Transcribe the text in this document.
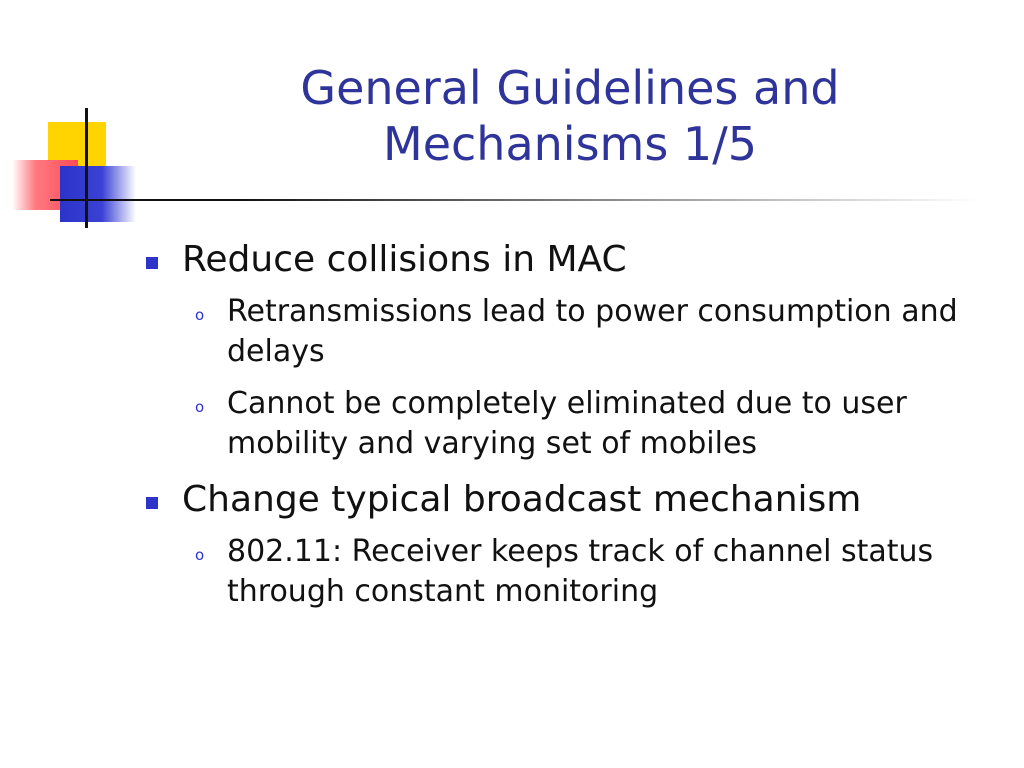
General Guidelines and Mechanisms 1/5
Reduce collisions in MAC
o Retransmissions lead to power consumption and delays
o Cannot be completely eliminated due to user mobility and varying set of mobiles
Change typical broadcast mechanism
o 802.11: Receiver keeps track of channel status through constant monitoring
